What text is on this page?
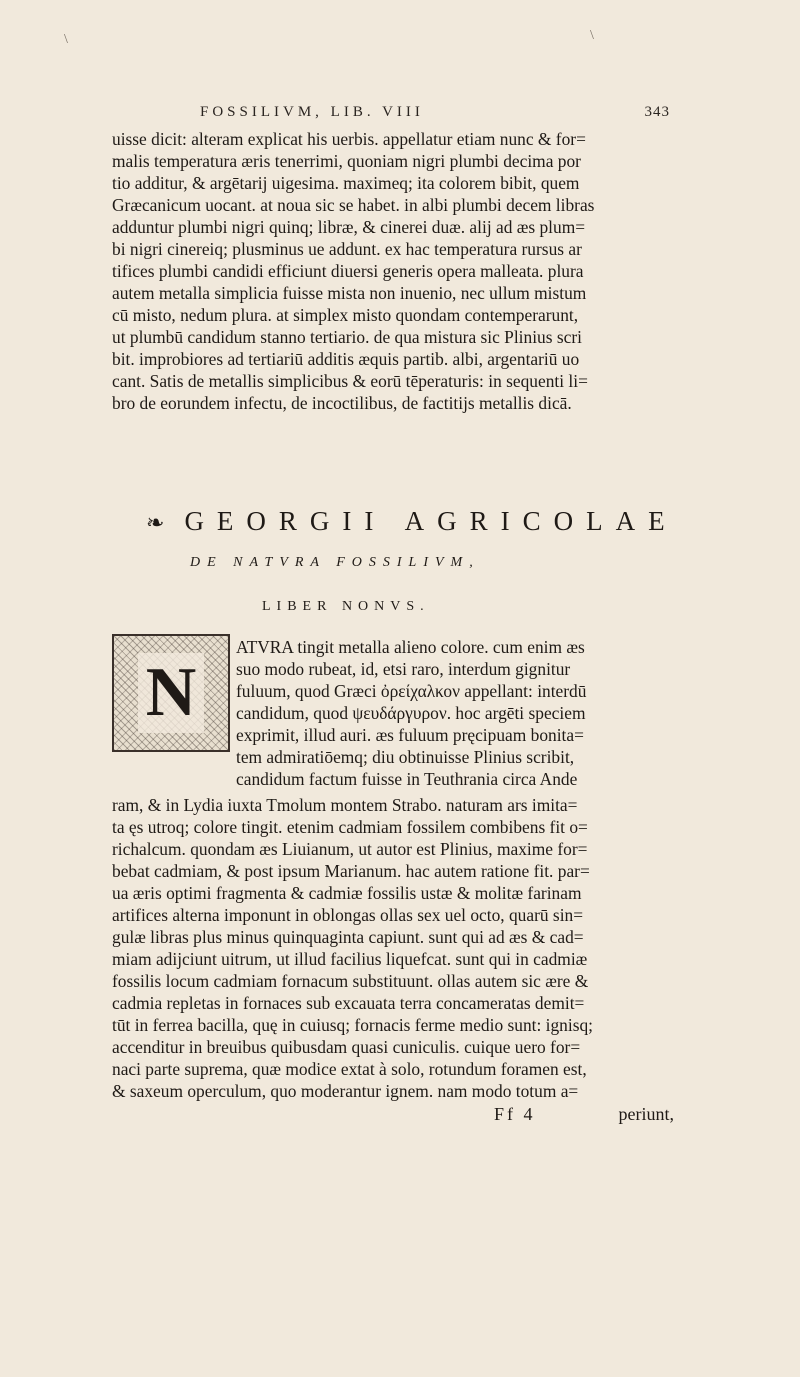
\	\
FOSSILIVM, LIB. VIII	343
uisse dicit: alteram explicat his uerbis. appellatur etiam nunc & for=
malis temperatura æris tenerrimi, quoniam nigri plumbi decima por
tio additur, & argētarij uigesima. maximeq; ita colorem bibit, quem
Græcanicum uocant. at noua sic se habet. in albi plumbi decem libras
adduntur plumbi nigri quinq; libræ, & cinerei duæ. alij ad æs plum=
bi nigri cinereiq; plusminus ue addunt. ex hac temperatura rursus ar
tifices plumbi candidi efficiunt diuersi generis opera malleata. plura
autem metalla simplicia fuisse mista non inuenio, nec ullum mistum
cū misto, nedum plura. at simplex misto quondam contemperarunt,
ut plumbū candidum stanno tertiario. de qua mistura sic Plinius scri
bit. improbiores ad tertiariū additis æquis partib. albi, argentariū uo
cant. Satis de metallis simplicibus & eorū tēperaturis: in sequenti li=
bro de eorundem infectu, de incoctilibus, de factitijs metallis dicā.
❧ GEORGII AGRICOLAE
DE NATVRA FOSSILIVM,
LIBER NONVS.
N
ATVRA tingit metalla alieno colore. cum enim æs
suo modo rubeat, id, etsi raro, interdum gignitur
fuluum, quod Græci ὀρείχαλκον appellant: interdū
candidum, quod ψευδάργυρον. hoc argēti speciem
exprimit, illud auri. æs fuluum pręcipuam bonita=
tem admiratiōemq; diu obtinuisse Plinius scribit,
candidum factum fuisse in Teuthrania circa Ande
ram, & in Lydia iuxta Tmolum montem Strabo. naturam ars imita=
ta ęs utroq; colore tingit. etenim cadmiam fossilem combibens fit o=
richalcum. quondam æs Liuianum, ut autor est Plinius, maxime for=
bebat cadmiam, & post ipsum Marianum. hac autem ratione fit. par=
ua æris optimi fragmenta & cadmiæ fossilis ustæ & molitæ farinam
artifices alterna imponunt in oblongas ollas sex uel octo, quarū sin=
gulæ libras plus minus quinquaginta capiunt. sunt qui ad æs & cad=
miam adijciunt uitrum, ut illud facilius liquefcat. sunt qui in cadmiæ
fossilis locum cadmiam fornacum substituunt. ollas autem sic ære &
cadmia repletas in fornaces sub excauata terra concameratas demit=
tūt in ferrea bacilla, quę in cuiusq; fornacis ferme medio sunt: ignisq;
accenditur in breuibus quibusdam quasi cuniculis. cuique uero for=
naci parte suprema, quæ modice extat à solo, rotundum foramen est,
& saxeum operculum, quo moderantur ignem. nam modo totum a=
Ff 4	periunt,
